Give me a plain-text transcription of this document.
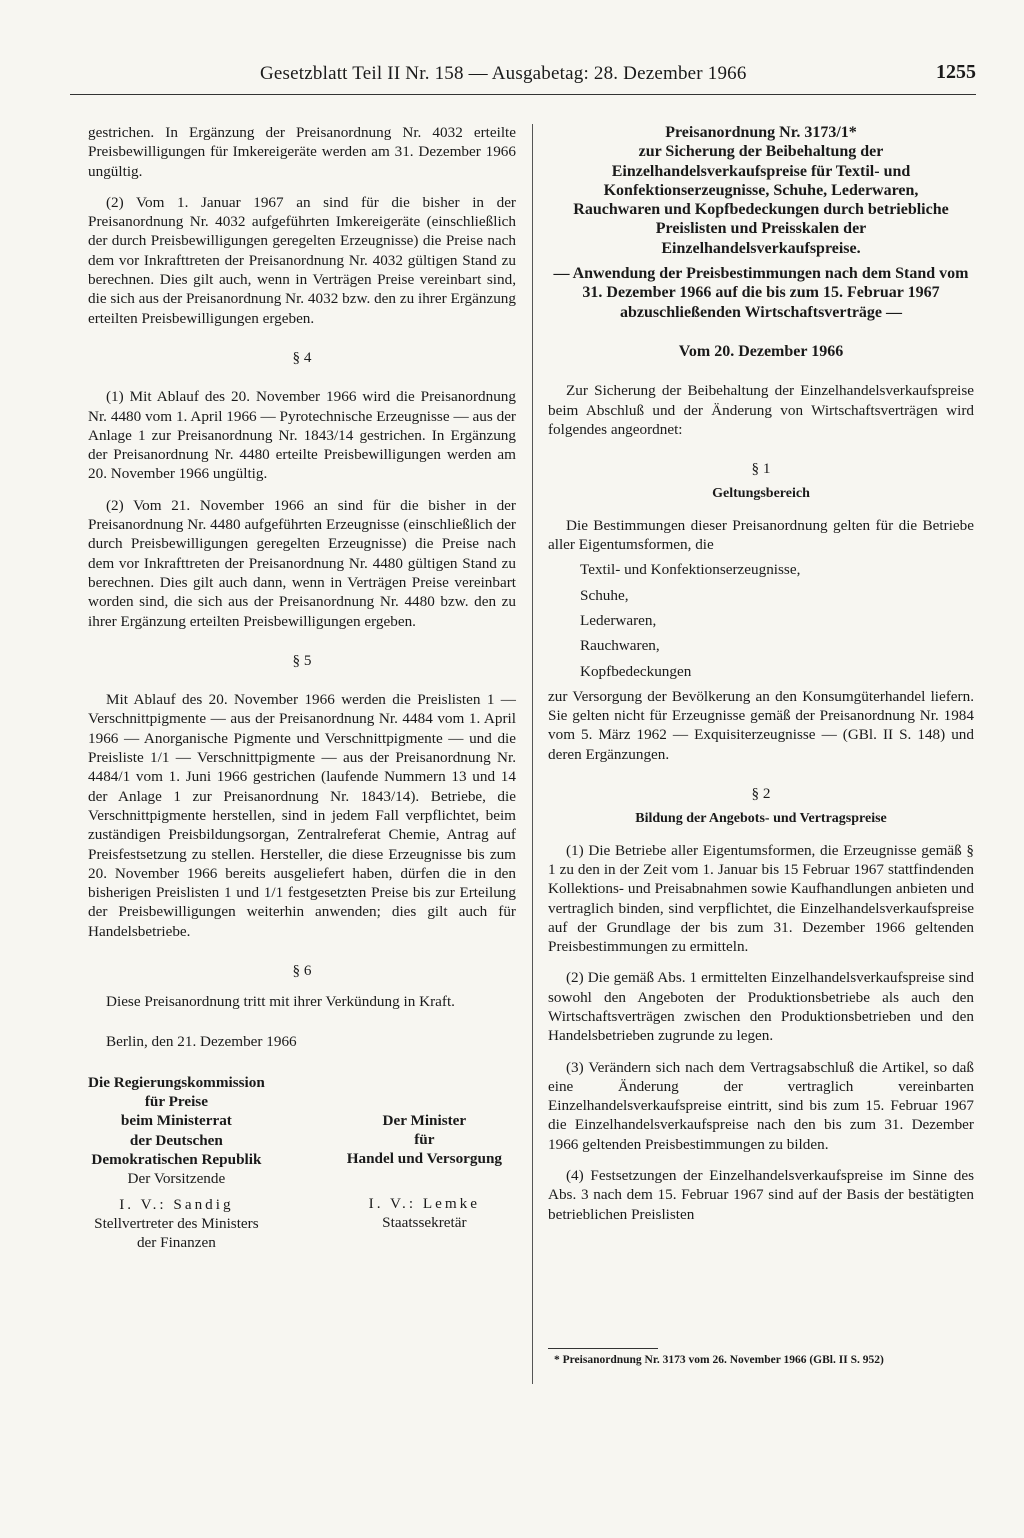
Gesetzblatt Teil II Nr. 158 — Ausgabetag: 28. Dezember 1966	1255

gestrichen. In Ergänzung der Preisanordnung Nr. 4032 erteilte Preisbewilligungen für Imkereigeräte werden am 31. Dezember 1966 ungültig.

(2) Vom 1. Januar 1967 an sind für die bisher in der Preisanordnung Nr. 4032 aufgeführten Imkereigeräte (einschließlich der durch Preisbewilligungen geregelten Erzeugnisse) die Preise nach dem vor Inkrafttreten der Preisanordnung Nr. 4032 gültigen Stand zu berechnen. Dies gilt auch, wenn in Verträgen Preise vereinbart sind, die sich aus der Preisanordnung Nr. 4032 bzw. den zu ihrer Ergänzung erteilten Preisbewilligungen ergeben.

§ 4

(1) Mit Ablauf des 20. November 1966 wird die Preisanordnung Nr. 4480 vom 1. April 1966 — Pyrotechnische Erzeugnisse — aus der Anlage 1 zur Preisanordnung Nr. 1843/14 gestrichen. In Ergänzung der Preisanordnung Nr. 4480 erteilte Preisbewilligungen werden am 20. November 1966 ungültig.

(2) Vom 21. November 1966 an sind für die bisher in der Preisanordnung Nr. 4480 aufgeführten Erzeugnisse (einschließlich der durch Preisbewilligungen geregelten Erzeugnisse) die Preise nach dem vor Inkrafttreten der Preisanordnung Nr. 4480 gültigen Stand zu berechnen. Dies gilt auch dann, wenn in Verträgen Preise vereinbart worden sind, die sich aus der Preisanordnung Nr. 4480 bzw. den zu ihrer Ergänzung erteilten Preisbewilligungen ergeben.

§ 5

Mit Ablauf des 20. November 1966 werden die Preislisten 1 — Verschnittpigmente — aus der Preisanordnung Nr. 4484 vom 1. April 1966 — Anorganische Pigmente und Verschnittpigmente — und die Preisliste 1/1 — Verschnittpigmente — aus der Preisanordnung Nr. 4484/1 vom 1. Juni 1966 gestrichen (laufende Nummern 13 und 14 der Anlage 1 zur Preisanordnung Nr. 1843/14). Betriebe, die Verschnittpigmente herstellen, sind in jedem Fall verpflichtet, beim zuständigen Preisbildungsorgan, Zentralreferat Chemie, Antrag auf Preisfestsetzung zu stellen. Hersteller, die diese Erzeugnisse bis zum 20. November 1966 bereits ausgeliefert haben, dürfen die in den bisherigen Preislisten 1 und 1/1 festgesetzten Preise bis zur Erteilung der Preisbewilligungen weiterhin anwenden; dies gilt auch für Handelsbetriebe.

§ 6

Diese Preisanordnung tritt mit ihrer Verkündung in Kraft.

Berlin, den 21. Dezember 1966

Die Regierungskommission
für Preise
beim Ministerrat
der Deutschen
Demokratischen Republik
Der Vorsitzende
I. V.: Sandig
Stellvertreter des Ministers
der Finanzen
Der Minister
für
Handel und Versorgung
I. V.: Lemke
Staatssekretär

Preisanordnung Nr. 3173/1*

zur Sicherung der Beibehaltung der Einzelhandelsverkaufspreise für Textil- und Konfektionserzeugnisse, Schuhe, Lederwaren, Rauchwaren und Kopfbedeckungen durch betriebliche Preislisten und Preisskalen der Einzelhandelsverkaufspreise.

— Anwendung der Preisbestimmungen nach dem Stand vom 31. Dezember 1966 auf die bis zum 15. Februar 1967 abzuschließenden Wirtschaftsverträge —

Vom 20. Dezember 1966

Zur Sicherung der Beibehaltung der Einzelhandelsverkaufspreise beim Abschluß und der Änderung von Wirtschaftsverträgen wird folgendes angeordnet:

§ 1

Geltungsbereich

Die Bestimmungen dieser Preisanordnung gelten für die Betriebe aller Eigentumsformen, die

Textil- und Konfektionserzeugnisse,

Schuhe,

Lederwaren,

Rauchwaren,

Kopfbedeckungen

zur Versorgung der Bevölkerung an den Konsumgüterhandel liefern. Sie gelten nicht für Erzeugnisse gemäß der Preisanordnung Nr. 1984 vom 5. März 1962 — Exquisiterzeugnisse — (GBl. II S. 148) und deren Ergänzungen.

§ 2

Bildung der Angebots- und Vertragspreise

(1) Die Betriebe aller Eigentumsformen, die Erzeugnisse gemäß § 1 zu den in der Zeit vom 1. Januar bis 15 Februar 1967 stattfindenden Kollektions- und Preisabnahmen sowie Kaufhandlungen anbieten und vertraglich binden, sind verpflichtet, die Einzelhandelsverkaufspreise auf der Grundlage der bis zum 31. Dezember 1966 geltenden Preisbestimmungen zu ermitteln.

(2) Die gemäß Abs. 1 ermittelten Einzelhandelsverkaufspreise sind sowohl den Angeboten der Produktionsbetriebe als auch den Wirtschaftsverträgen zwischen den Produktionsbetrieben und den Handelsbetrieben zugrunde zu legen.

(3) Verändern sich nach dem Vertragsabschluß die Artikel, so daß eine Änderung der vertraglich vereinbarten Einzelhandelsverkaufspreise eintritt, sind bis zum 15. Februar 1967 die Einzelhandelsverkaufspreise nach den bis zum 31. Dezember 1966 geltenden Preisbestimmungen zu bilden.

(4) Festsetzungen der Einzelhandelsverkaufspreise im Sinne des Abs. 3 nach dem 15. Februar 1967 sind auf der Basis der bestätigten betrieblichen Preislisten

* Preisanordnung Nr. 3173 vom 26. November 1966 (GBl. II S. 952)
